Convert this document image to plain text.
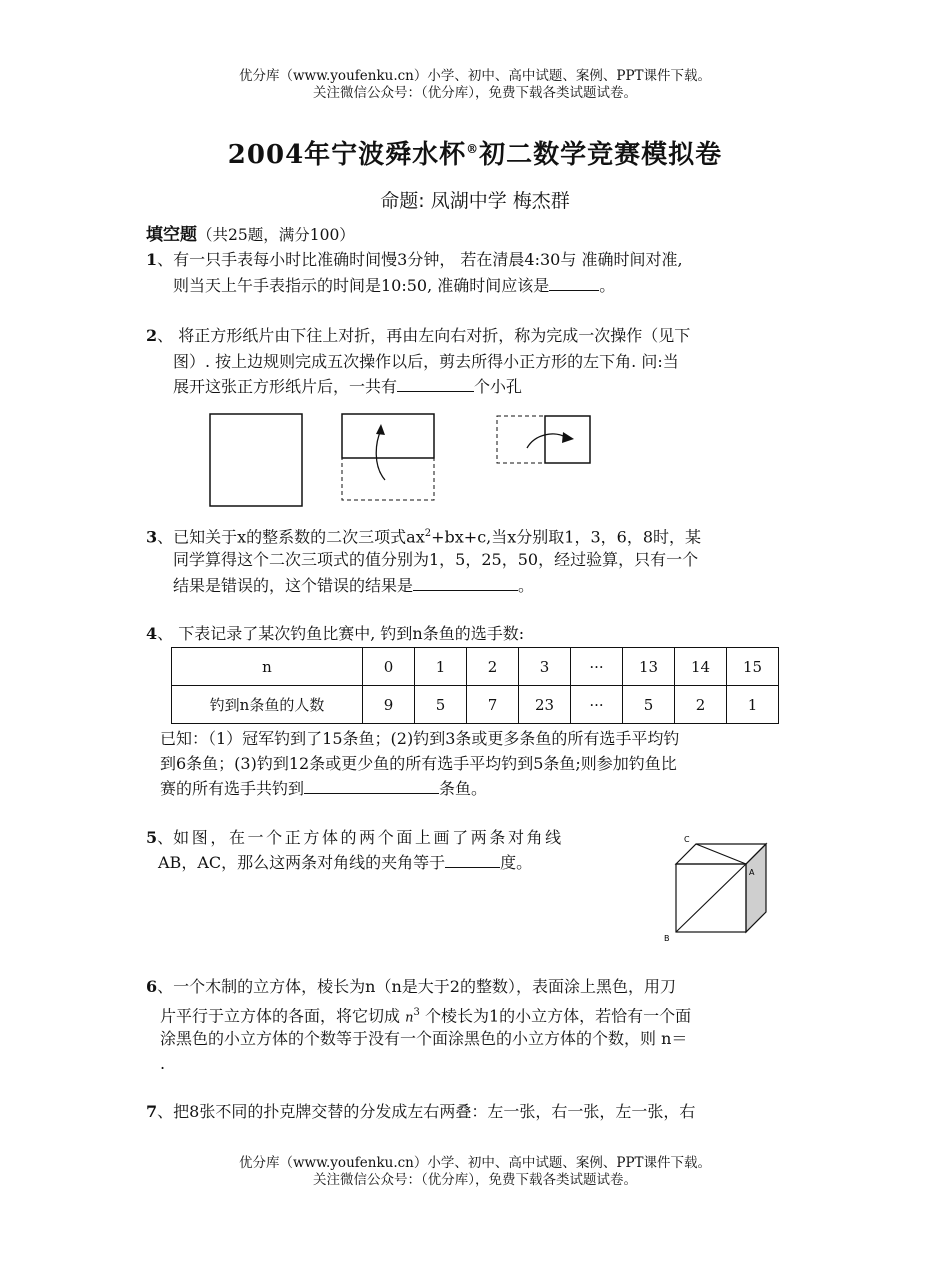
优分库（www.youfenku.cn）小学、初中、高中试题、案例、PPT课件下载。
关注微信公众号：（优分库），免费下载各类试题试卷。
2004年宁波舜水杯®初二数学竞赛模拟卷
命题: 凤湖中学 梅杰群
填空题（共25题，满分100）
1、有一只手表每小时比准确时间慢3分钟， 若在清晨4:30与 准确时间对准,
则当天上午手表指示的时间是10:50, 准确时间应该是	。
2、 将正方形纸片由下往上对折，再由左向右对折，称为完成一次操作（见下
图）. 按上边规则完成五次操作以后，剪去所得小正方形的左下角. 问:当
展开这张正方形纸片后，一共有	个小孔
3、已知关于x的整系数的二次三项式$ax^2+bx+c$,当x分别取1，3，6，8时，某
同学算得这个二次三项式的值分别为1，5，25，50，经过验算，只有一个
结果是错误的，这个错误的结果是	。
4、 下表记录了某次钓鱼比赛中, 钓到n条鱼的选手数:
n	0	1	2	3	···	13	14	15
钓到n条鱼的人数	9	5	7	23	···	5	2	1
已知：（1）冠军钓到了15条鱼；(2)钓到3条或更多条鱼的所有选手平均钓
到6条鱼；(3)钓到12条或更少鱼的所有选手平均钓到5条鱼;则参加钓鱼比
赛的所有选手共钓到	条鱼。
5、如图，在一个正方体的两个面上画了两条对角线
AB，AC，那么这两条对角线的夹角等于	度。
C
A
B
6、一个木制的立方体，棱长为n（n是大于2的整数），表面涂上黑色，用刀
片平行于立方体的各面，将它切成 $n^3$ 个棱长为1的小立方体，若恰有一个面
涂黑色的小立方体的个数等于没有一个面涂黑色的小立方体的个数，则 n＝
.
7、把8张不同的扑克牌交替的分发成左右两叠：左一张，右一张，左一张，右
优分库（www.youfenku.cn）小学、初中、高中试题、案例、PPT课件下载。
关注微信公众号：（优分库），免费下载各类试题试卷。
